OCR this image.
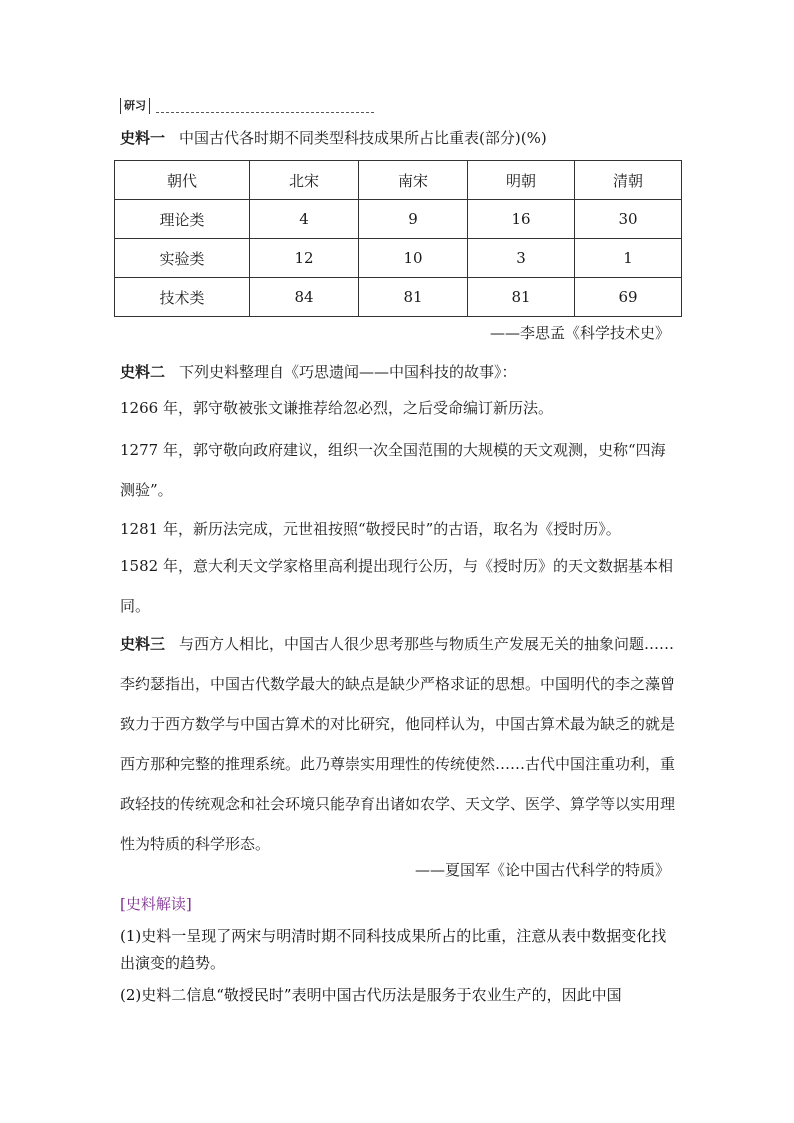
研习
史料一 中国古代各时期不同类型科技成果所占比重表(部分)(%)
朝代	北宋	南宋	明朝	清朝
理论类	4	9	16	30
实验类	12	10	3	1
技术类	84	81	81	69
——李思孟《科学技术史》
史料二 下列史料整理自《巧思遗闻——中国科技的故事》：
1266 年，郭守敬被张文谦推荐给忽必烈，之后受命编订新历法。
1277 年，郭守敬向政府建议，组织一次全国范围的大规模的天文观测，史称“四海测验”。
1281 年，新历法完成，元世祖按照“敬授民时”的古语，取名为《授时历》。
1582 年，意大利天文学家格里高利提出现行公历，与《授时历》的天文数据基本相同。
史料三 与西方人相比，中国古人很少思考那些与物质生产发展无关的抽象问题……李约瑟指出，中国古代数学最大的缺点是缺少严格求证的思想。中国明代的李之藻曾致力于西方数学与中国古算术的对比研究，他同样认为，中国古算术最为缺乏的就是西方那种完整的推理系统。此乃尊崇实用理性的传统使然……古代中国注重功利，重政轻技的传统观念和社会环境只能孕育出诸如农学、天文学、医学、算学等以实用理性为特质的科学形态。
——夏国军《论中国古代科学的特质》
[史料解读]
(1)史料一呈现了两宋与明清时期不同科技成果所占的比重，注意从表中数据变化找出演变的趋势。
(2)史料二信息“敬授民时”表明中国古代历法是服务于农业生产的，因此中国
